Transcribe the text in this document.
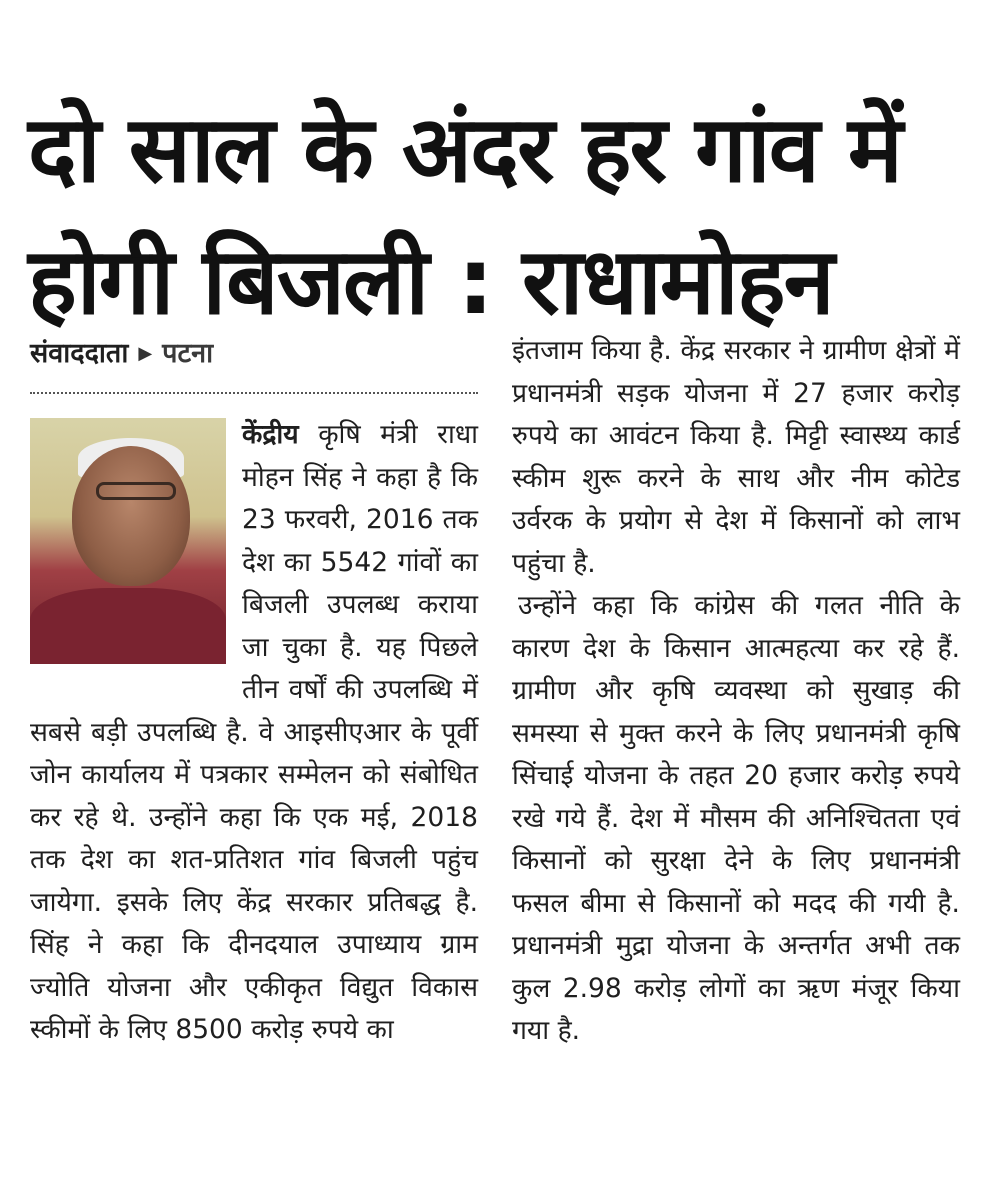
दो साल के अंदर हर गांव में होगी बिजली : राधामोहन
संवाददाता ▶ पटना

केंद्रीय कृषि मंत्री राधा मोहन सिंह ने कहा है कि 23 फरवरी, 2016 तक देश का 5542 गांवों का बिजली उपलब्ध कराया जा चुका है. यह पिछले तीन वर्षों की उपलब्धि में सबसे बड़ी उपलब्धि है. वे आइसीएआर के पूर्वी जोन कार्यालय में पत्रकार सम्मेलन को संबोधित कर रहे थे. उन्होंने कहा कि एक मई, 2018 तक देश का शत-प्रतिशत गांव बिजली पहुंच जायेगा. इसके लिए केंद्र सरकार प्रतिबद्ध है. सिंह ने कहा कि दीनदयाल उपाध्याय ग्राम ज्योति योजना और एकीकृत विद्युत विकास स्कीमों के लिए 8500 करोड़ रुपये का

इंतजाम किया है. केंद्र सरकार ने ग्रामीण क्षेत्रों में प्रधानमंत्री सड़क योजना में 27 हजार करोड़ रुपये का आवंटन किया है. मिट्टी स्वास्थ्य कार्ड स्कीम शुरू करने के साथ और नीम कोटेड उर्वरक के प्रयोग से देश में किसानों को लाभ पहुंचा है.

उन्होंने कहा कि कांग्रेस की गलत नीति के कारण देश के किसान आत्महत्या कर रहे हैं. ग्रामीण और कृषि व्यवस्था को सुखाड़ की समस्या से मुक्त करने के लिए प्रधानमंत्री कृषि सिंचाई योजना के तहत 20 हजार करोड़ रुपये रखे गये हैं. देश में मौसम की अनिश्चितता एवं किसानों को सुरक्षा देने के लिए प्रधानमंत्री फसल बीमा से किसानों को मदद की गयी है. प्रधानमंत्री मुद्रा योजना के अन्तर्गत अभी तक कुल 2.98 करोड़ लोगों का ऋण मंजूर किया गया है.
